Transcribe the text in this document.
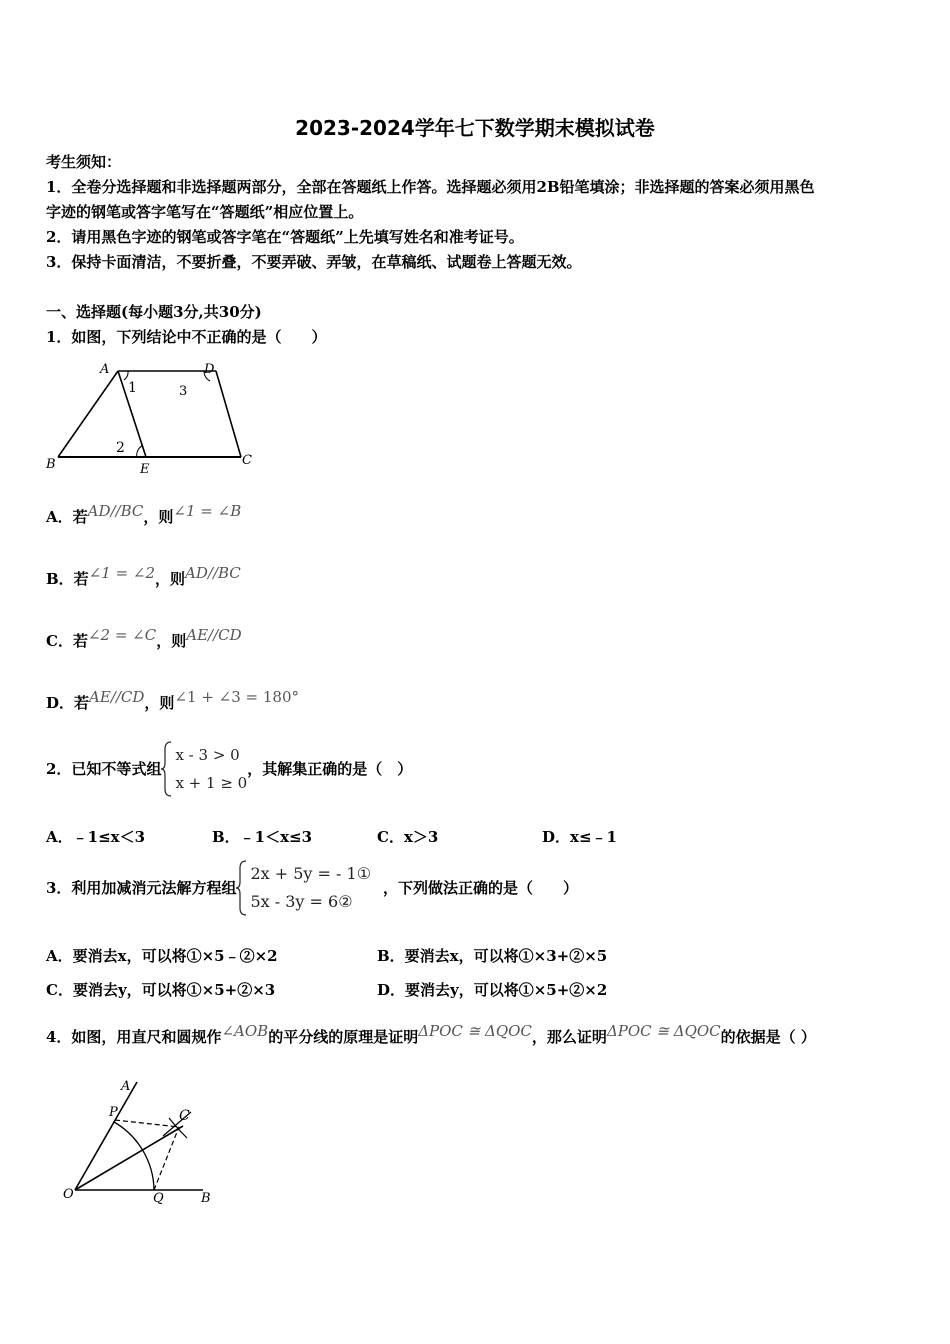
2023-2024学年七下数学期末模拟试卷
考生须知：
1．全卷分选择题和非选择题两部分，全部在答题纸上作答。选择题必须用2B铅笔填涂；非选择题的答案必须用黑色
字迹的钢笔或答字笔写在“答题纸”相应位置上。
2．请用黑色字迹的钢笔或答字笔在“答题纸”上先填写姓名和准考证号。
3．保持卡面清洁，不要折叠，不要弄破、弄皱，在草稿纸、试题卷上答题无效。
一、选择题(每小题3分,共30分)
1．如图，下列结论中不正确的是（　　）
A	D
B	C
E
1
2
3
A．若AD//BC，则∠1 = ∠B
B．若∠1 = ∠2，则AD//BC
C．若∠2 = ∠C，则AE//CD
D．若AE//CD，则∠1 + ∠3 = 180°
2．已知不等式组
x - 3 > 0
x + 1 ≥ 0
，其解集正确的是（　）
A．﹣1≤x＜3	B．﹣1＜x≤3	C．x＞3	D．x≤﹣1
3．利用加减消元法解方程组
2x + 5y = - 1①
5x - 3y = 6②
，下列做法正确的是（　　）
A．要消去x，可以将①×5﹣②×2	B．要消去x，可以将①×3+②×5
C．要消去y，可以将①×5+②×3	D．要消去y，可以将①×5+②×2
4．如图，用直尺和圆规作∠AOB的平分线的原理是证明ΔPOC ≅ ΔQOC，那么证明ΔPOC ≅ ΔQOC的依据是（ ）
A
P	C
O	Q	B
